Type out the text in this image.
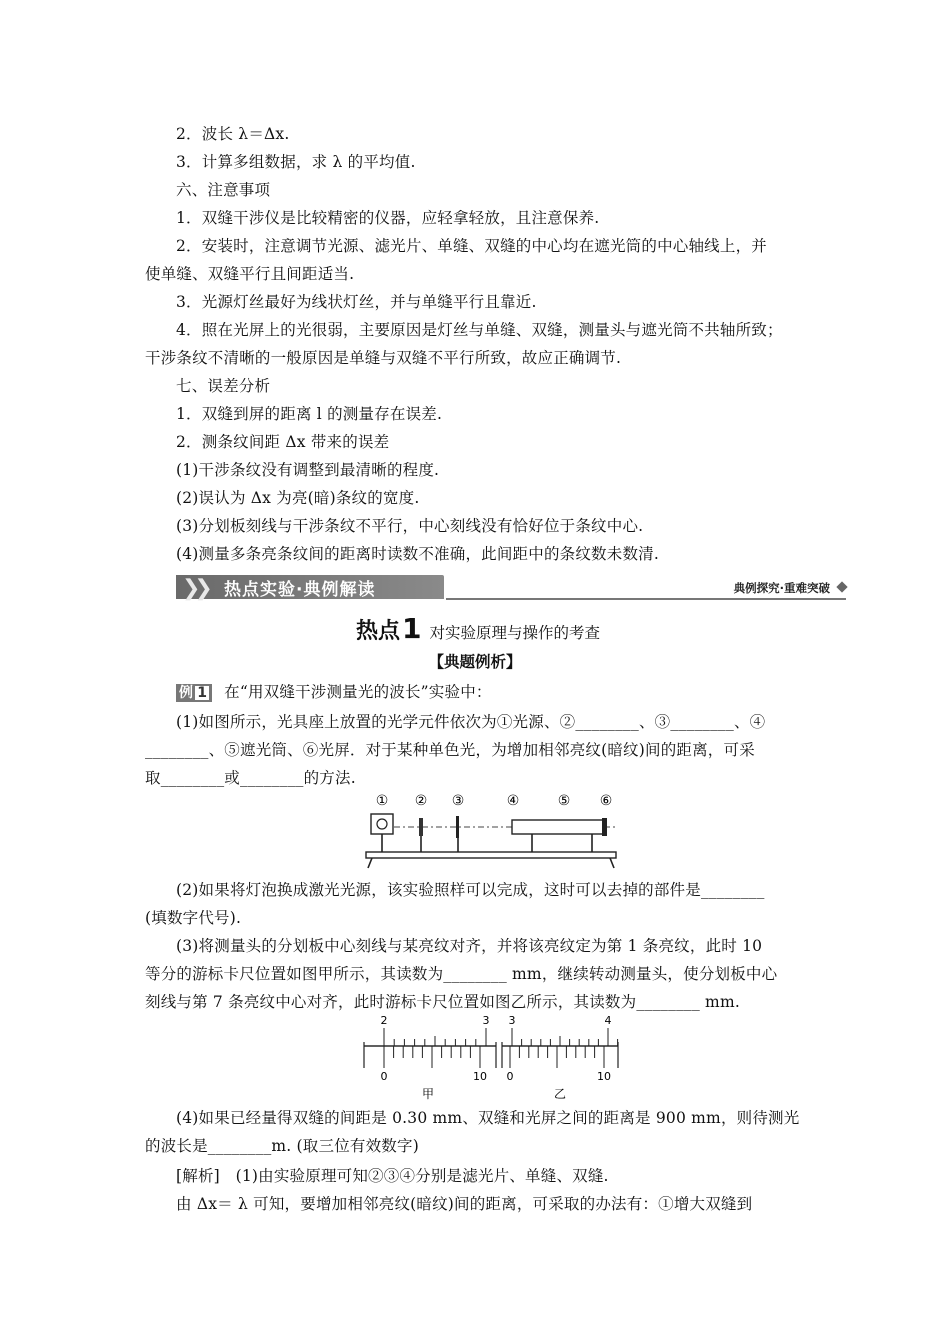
2．波长 λ＝Δx.
3．计算多组数据，求 λ 的平均值.
六、注意事项
1．双缝干涉仪是比较精密的仪器，应轻拿轻放，且注意保养.
2．安装时，注意调节光源、滤光片、单缝、双缝的中心均在遮光筒的中心轴线上，并
使单缝、双缝平行且间距适当.
3．光源灯丝最好为线状灯丝，并与单缝平行且靠近.
4．照在光屏上的光很弱，主要原因是灯丝与单缝、双缝，测量头与遮光筒不共轴所致；
干涉条纹不清晰的一般原因是单缝与双缝不平行所致，故应正确调节.
七、误差分析
1．双缝到屏的距离 l 的测量存在误差.
2．测条纹间距 Δx 带来的误差
(1)干涉条纹没有调整到最清晰的程度.
(2)误认为 Δx 为亮(暗)条纹的宽度.
(3)分划板刻线与干涉条纹不平行，中心刻线没有恰好位于条纹中心.
(4)测量多条亮条纹间的距离时读数不准确，此间距中的条纹数未数清.
❯❯ 热点实验·典例解读	典例探究·重难突破
热点1 对实验原理与操作的考查
【典题例析】
例 1 在“用双缝干涉测量光的波长”实验中：
(1)如图所示，光具座上放置的光学元件依次为①光源、②________、③________、④
________、⑤遮光筒、⑥光屏．对于某种单色光，为增加相邻亮纹(暗纹)间的距离，可采
取________或________的方法.
① ② ③	④	⑤ ⑥
(2)如果将灯泡换成激光光源，该实验照样可以完成，这时可以去掉的部件是________
(填数字代号).
(3)将测量头的分划板中心刻线与某亮纹对齐，并将该亮纹定为第 1 条亮纹，此时 10
等分的游标卡尺位置如图甲所示，其读数为________ mm，继续转动测量头，使分划板中心
刻线与第 7 条亮纹中心对齐，此时游标卡尺位置如图乙所示，其读数为________ mm.
2	3
0	10
甲
3	4
0	10
乙
(4)如果已经量得双缝的间距是 0.30 mm、双缝和光屏之间的距离是 900 mm，则待测光
的波长是________m. (取三位有效数字)
[解析]　(1)由实验原理可知②③④分别是滤光片、单缝、双缝.
由 Δx＝ λ 可知，要增加相邻亮纹(暗纹)间的距离，可采取的办法有：①增大双缝到
